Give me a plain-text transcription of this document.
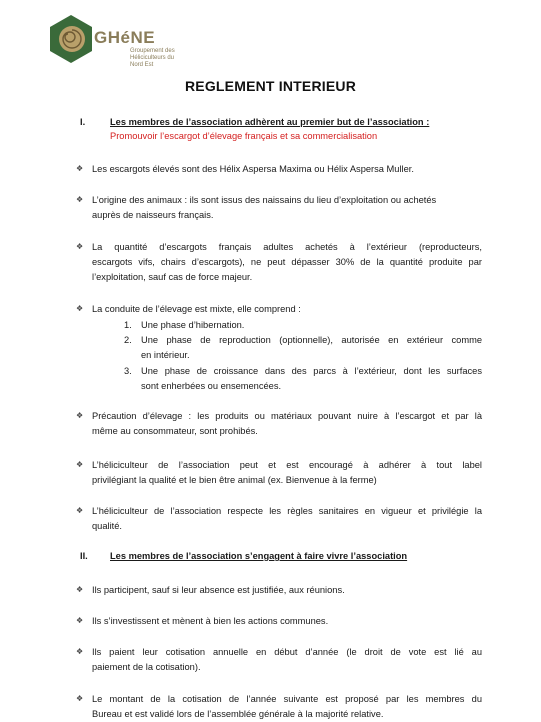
GHéNE
Groupement des
Héliciculteurs du
Nord Est
REGLEMENT INTERIEUR
I.	Les membres de l’association adhèrent au premier but de l’association :
Promouvoir l’escargot d’élevage français et sa commercialisation
❖ Les escargots élevés sont des Hélix Aspersa Maxima ou Hélix Aspersa Muller.
❖ L’origine des animaux : ils sont issus des naissains du lieu d’exploitation ou achetés
auprès de naisseurs français.
❖ La quantité d’escargots français adultes achetés à l’extérieur (reproducteurs,
escargots vifs, chairs d’escargots), ne peut dépasser 30% de la quantité produite par
l’exploitation, sauf cas de force majeur.
❖ La conduite de l’élevage est mixte, elle comprend :
1. Une phase d’hibernation.
2. Une phase de reproduction (optionnelle), autorisée en extérieur comme
en intérieur.
3. Une phase de croissance dans des parcs à l’extérieur, dont les surfaces
sont enherbées ou ensemencées.
❖ Précaution d’élevage : les produits ou matériaux pouvant nuire à l’escargot et par là
même au consommateur, sont prohibés.
❖ L’héliciculteur de l’association peut et est encouragé à adhérer à tout label
privilégiant la qualité et le bien être animal (ex. Bienvenue à la ferme)
❖ L’héliciculteur de l’association respecte les règles sanitaires en vigueur et privilégie la
qualité.
II. Les membres de l’association s’engagent à faire vivre l’association
❖ Ils participent, sauf si leur absence est justifiée, aux réunions.
❖ Ils s’investissent et mènent à bien les actions communes.
❖ Ils paient leur cotisation annuelle en début d’année (le droit de vote est lié au
paiement de la cotisation).
❖ Le montant de la cotisation de l’année suivante est proposé par les membres du
Bureau et est validé lors de l’assemblée générale à la majorité relative.
